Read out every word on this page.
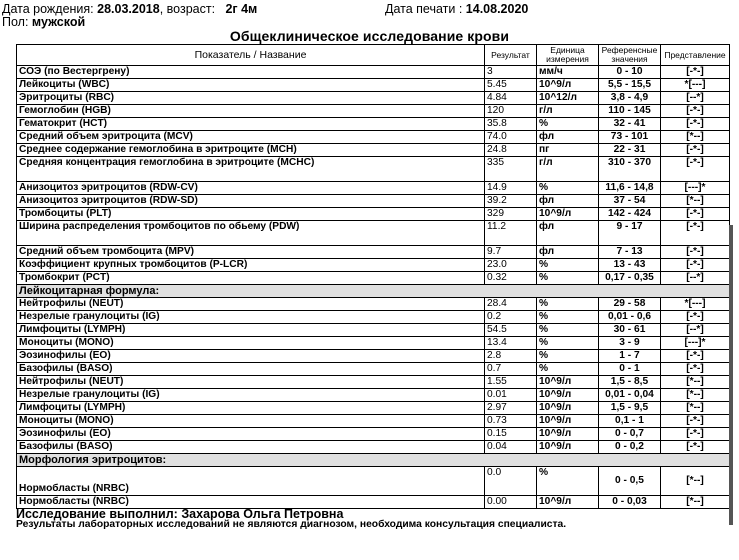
Дата рождения: 28.03.2018, возраст: 2г 4м	Дата печати : 14.08.2020
Пол: мужской
Общеклиническое исследование крови
Показатель / Название	Результат	Единица измерения	Референсные значения	Представление
СОЭ (по Вестергрену)	3	мм/ч	0 - 10	[-*-]
Лейкоциты (WBC)	5.45	10^9/л	5,5 - 15,5	*[---]
Эритроциты (RBC)	4.84	10^12/л	3,8 - 4,9	[--*]
Гемоглобин (HGB)	120	г/л	110 - 145	[-*-]
Гематокрит (HCT)	35.8	%	32 - 41	[-*-]
Средний объем эритроцита (MCV)	74.0	фл	73 - 101	[*--]
Среднее содержание гемоглобина в эритроците (MCH)	24.8	пг	22 - 31	[-*-]
Средняя концентрация гемоглобина в эритроците (MCHC)	335	г/л	310 - 370	[-*-]
Анизоцитоз эритроцитов (RDW-CV)	14.9	%	11,6 - 14,8	[---]*
Анизоцитоз эритроцитов (RDW-SD)	39.2	фл	37 - 54	[*--]
Тромбоциты (PLT)	329	10^9/л	142 - 424	[-*-]
Ширина распределения тромбоцитов по обьему (PDW)	11.2	фл	9 - 17	[-*-]
Средний объем тромбоцита (MPV)	9.7	фл	7 - 13	[-*-]
Коэффициент крупных тромбоцитов (P-LCR)	23.0	%	13 - 43	[-*-]
Тромбокрит (PCT)	0.32	%	0,17 - 0,35	[--*]
Лейкоцитарная формула:				
Нейтрофилы (NEUT)	28.4	%	29 - 58	*[---]
Незрелые гранулоциты (IG)	0.2	%	0,01 - 0,6	[-*-]
Лимфоциты (LYMPH)	54.5	%	30 - 61	[--*]
Моноциты (MONO)	13.4	%	3 - 9	[---]*
Эозинофилы (EO)	2.8	%	1 - 7	[-*-]
Базофилы (BASO)	0.7	%	0 - 1	[-*-]
Нейтрофилы (NEUT)	1.55	10^9/л	1,5 - 8,5	[*--]
Незрелые гранулоциты (IG)	0.01	10^9/л	0,01 - 0,04	[*--]
Лимфоциты (LYMPH)	2.97	10^9/л	1,5 - 9,5	[*--]
Моноциты (MONO)	0.73	10^9/л	0,1 - 1	[-*-]
Эозинофилы (EO)	0.15	10^9/л	0 - 0,7	[-*-]
Базофилы (BASO)	0.04	10^9/л	0 - 0,2	[-*-]
Морфология эритроцитов:				
Нормобласты (NRBC)	0.0	%	0 - 0,5	[*--]
Нормобласты (NRBC)	0.00	10^9/л	0 - 0,03	[*--]
Исследование выполнил: Захарова Ольга Петровна
Результаты лабораторных исследований не являются диагнозом, необходима консультация специалиста.
